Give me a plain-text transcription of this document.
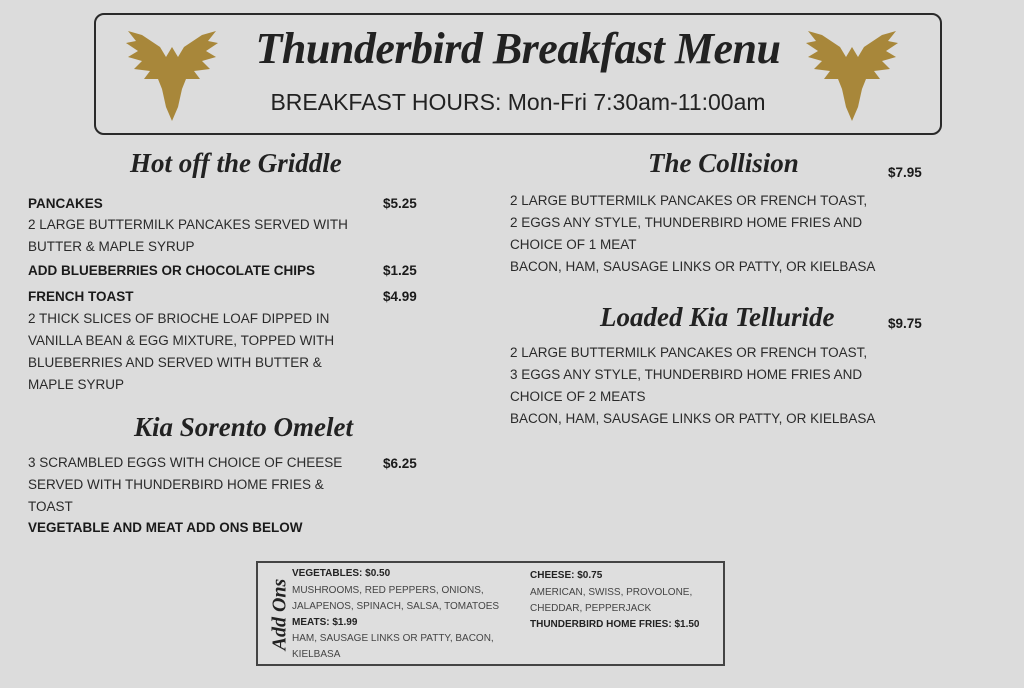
Thunderbird Breakfast Menu
BREAKFAST HOURS: Mon-Fri 7:30am-11:00am
Hot off the Griddle
PANCAKES	$5.25
2 LARGE BUTTERMILK PANCAKES SERVED WITH
BUTTER & MAPLE SYRUP
ADD BLUEBERRIES OR CHOCOLATE CHIPS	$1.25
FRENCH TOAST	$4.99
2 THICK SLICES OF BRIOCHE LOAF DIPPED IN
VANILLA BEAN & EGG MIXTURE, TOPPED WITH
BLUEBERRIES AND SERVED WITH BUTTER &
MAPLE SYRUP
Kia Sorento Omelet
$6.25
3 SCRAMBLED EGGS WITH CHOICE OF CHEESE
SERVED WITH THUNDERBIRD HOME FRIES &
TOAST
VEGETABLE AND MEAT ADD ONS BELOW
The Collision	$7.95
2 LARGE BUTTERMILK PANCAKES OR FRENCH TOAST,
2 EGGS ANY STYLE, THUNDERBIRD HOME FRIES AND
CHOICE OF 1 MEAT
BACON, HAM, SAUSAGE LINKS OR PATTY, OR KIELBASA
Loaded Kia Telluride	$9.75
2 LARGE BUTTERMILK PANCAKES OR FRENCH TOAST,
3 EGGS ANY STYLE, THUNDERBIRD HOME FRIES AND
CHOICE OF 2 MEATS
BACON, HAM, SAUSAGE LINKS OR PATTY, OR KIELBASA
Add Ons
VEGETABLES: $0.50
MUSHROOMS, RED PEPPERS, ONIONS,
JALAPENOS, SPINACH, SALSA, TOMATOES
MEATS: $1.99
HAM, SAUSAGE LINKS OR PATTY, BACON,
KIELBASA
CHEESE: $0.75
AMERICAN, SWISS, PROVOLONE,
CHEDDAR, PEPPERJACK
THUNDERBIRD HOME FRIES: $1.50
